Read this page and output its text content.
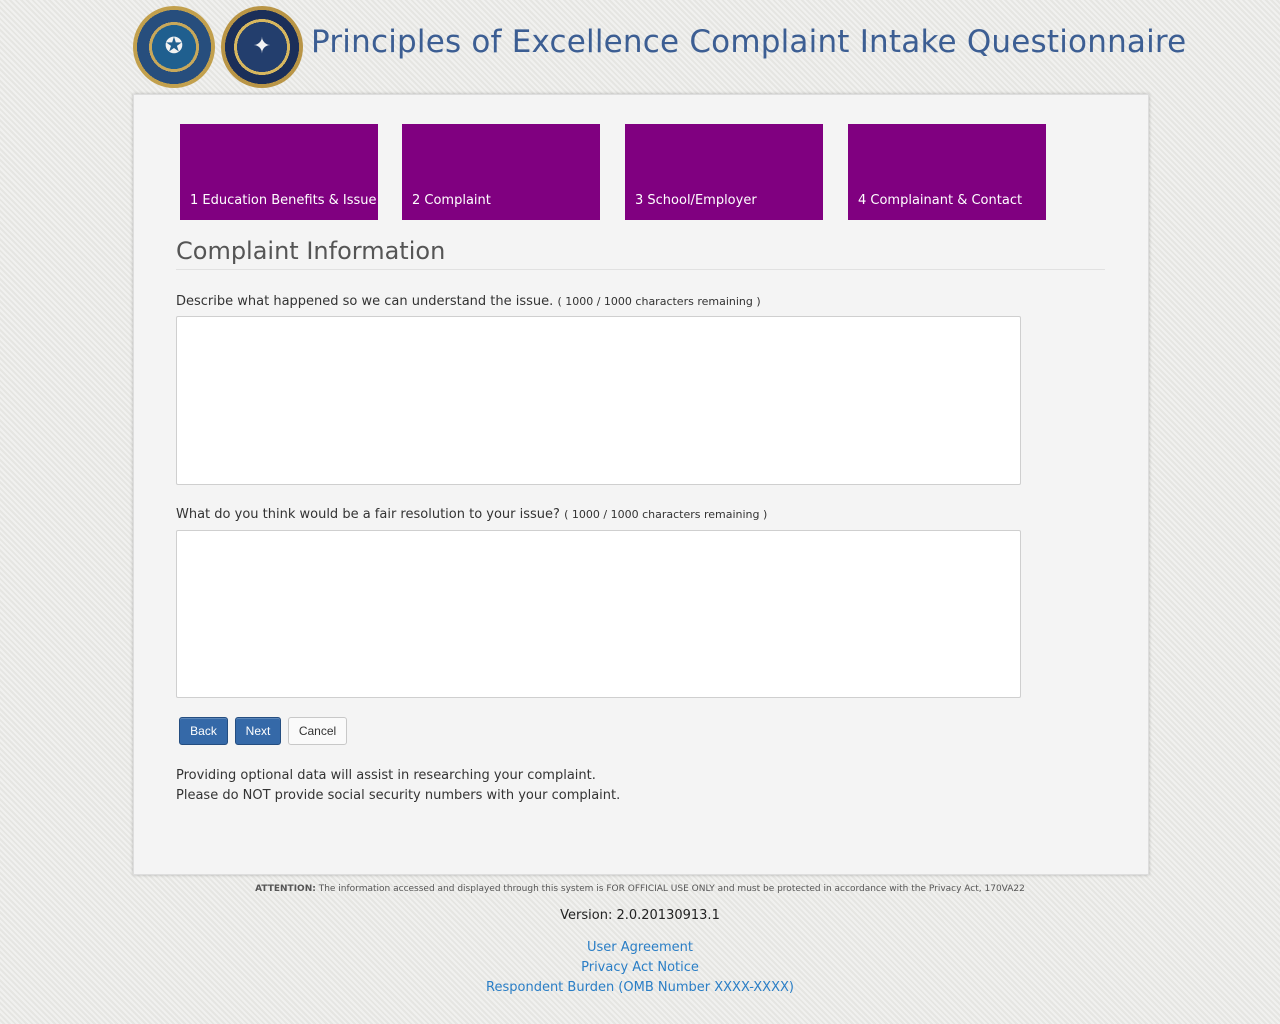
✪	✦	Principles of Excellence Complaint Intake Questionnaire
1 Education Benefits & Issue	2 Complaint	3 School/Employer	4 Complainant & Contact
Complaint Information
Describe what happened so we can understand the issue. ( 1000 / 1000 characters remaining )
What do you think would be a fair resolution to your issue? ( 1000 / 1000 characters remaining )
Back	Next	Cancel
Providing optional data will assist in researching your complaint.
Please do NOT provide social security numbers with your complaint.
ATTENTION: The information accessed and displayed through this system is FOR OFFICIAL USE ONLY and must be protected in accordance with the Privacy Act, 170VA22
Version: 2.0.20130913.1
User Agreement
Privacy Act Notice
Respondent Burden (OMB Number XXXX-XXXX)
